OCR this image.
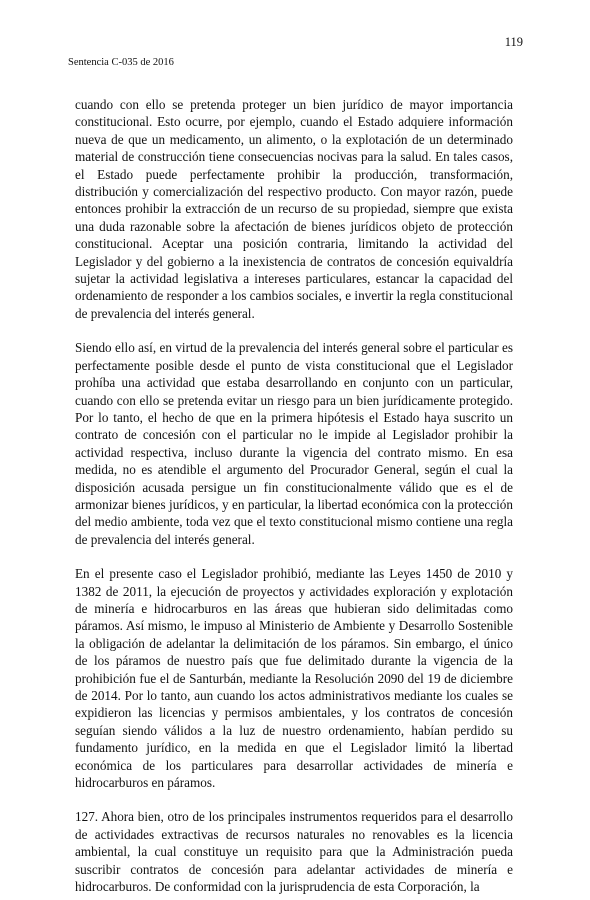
119
Sentencia C-035 de 2016

cuando con ello se pretenda proteger un bien jurídico de mayor importancia constitucional. Esto ocurre, por ejemplo, cuando el Estado adquiere información nueva de que un medicamento, un alimento, o la explotación de un determinado material de construcción tiene consecuencias nocivas para la salud. En tales casos, el Estado puede perfectamente prohibir la producción, transformación, distribución y comercialización del respectivo producto. Con mayor razón, puede entonces prohibir la extracción de un recurso de su propiedad, siempre que exista una duda razonable sobre la afectación de bienes jurídicos objeto de protección constitucional. Aceptar una posición contraria, limitando la actividad del Legislador y del gobierno a la inexistencia de contratos de concesión equivaldría sujetar la actividad legislativa a intereses particulares, estancar la capacidad del ordenamiento de responder a los cambios sociales, e invertir la regla constitucional de prevalencia del interés general.

Siendo ello así, en virtud de la prevalencia del interés general sobre el particular es perfectamente posible desde el punto de vista constitucional que el Legislador prohíba una actividad que estaba desarrollando en conjunto con un particular, cuando con ello se pretenda evitar un riesgo para un bien jurídicamente protegido. Por lo tanto, el hecho de que en la primera hipótesis el Estado haya suscrito un contrato de concesión con el particular no le impide al Legislador prohibir la actividad respectiva, incluso durante la vigencia del contrato mismo. En esa medida, no es atendible el argumento del Procurador General, según el cual la disposición acusada persigue un fin constitucionalmente válido que es el de armonizar bienes jurídicos, y en particular, la libertad económica con la protección del medio ambiente, toda vez que el texto constitucional mismo contiene una regla de prevalencia del interés general.

En el presente caso el Legislador prohibió, mediante las Leyes 1450 de 2010 y 1382 de 2011, la ejecución de proyectos y actividades exploración y explotación de minería e hidrocarburos en las áreas que hubieran sido delimitadas como páramos. Así mismo, le impuso al Ministerio de Ambiente y Desarrollo Sostenible la obligación de adelantar la delimitación de los páramos. Sin embargo, el único de los páramos de nuestro país que fue delimitado durante la vigencia de la prohibición fue el de Santurbán, mediante la Resolución 2090 del 19 de diciembre de 2014. Por lo tanto, aun cuando los actos administrativos mediante los cuales se expidieron las licencias y permisos ambientales, y los contratos de concesión seguían siendo válidos a la luz de nuestro ordenamiento, habían perdido su fundamento jurídico, en la medida en que el Legislador limitó la libertad económica de los particulares para desarrollar actividades de minería e hidrocarburos en páramos.

127. Ahora bien, otro de los principales instrumentos requeridos para el desarrollo de actividades extractivas de recursos naturales no renovables es la licencia ambiental, la cual constituye un requisito para que la Administración pueda suscribir contratos de concesión para adelantar actividades de minería e hidrocarburos. De conformidad con la jurisprudencia de esta Corporación, la
